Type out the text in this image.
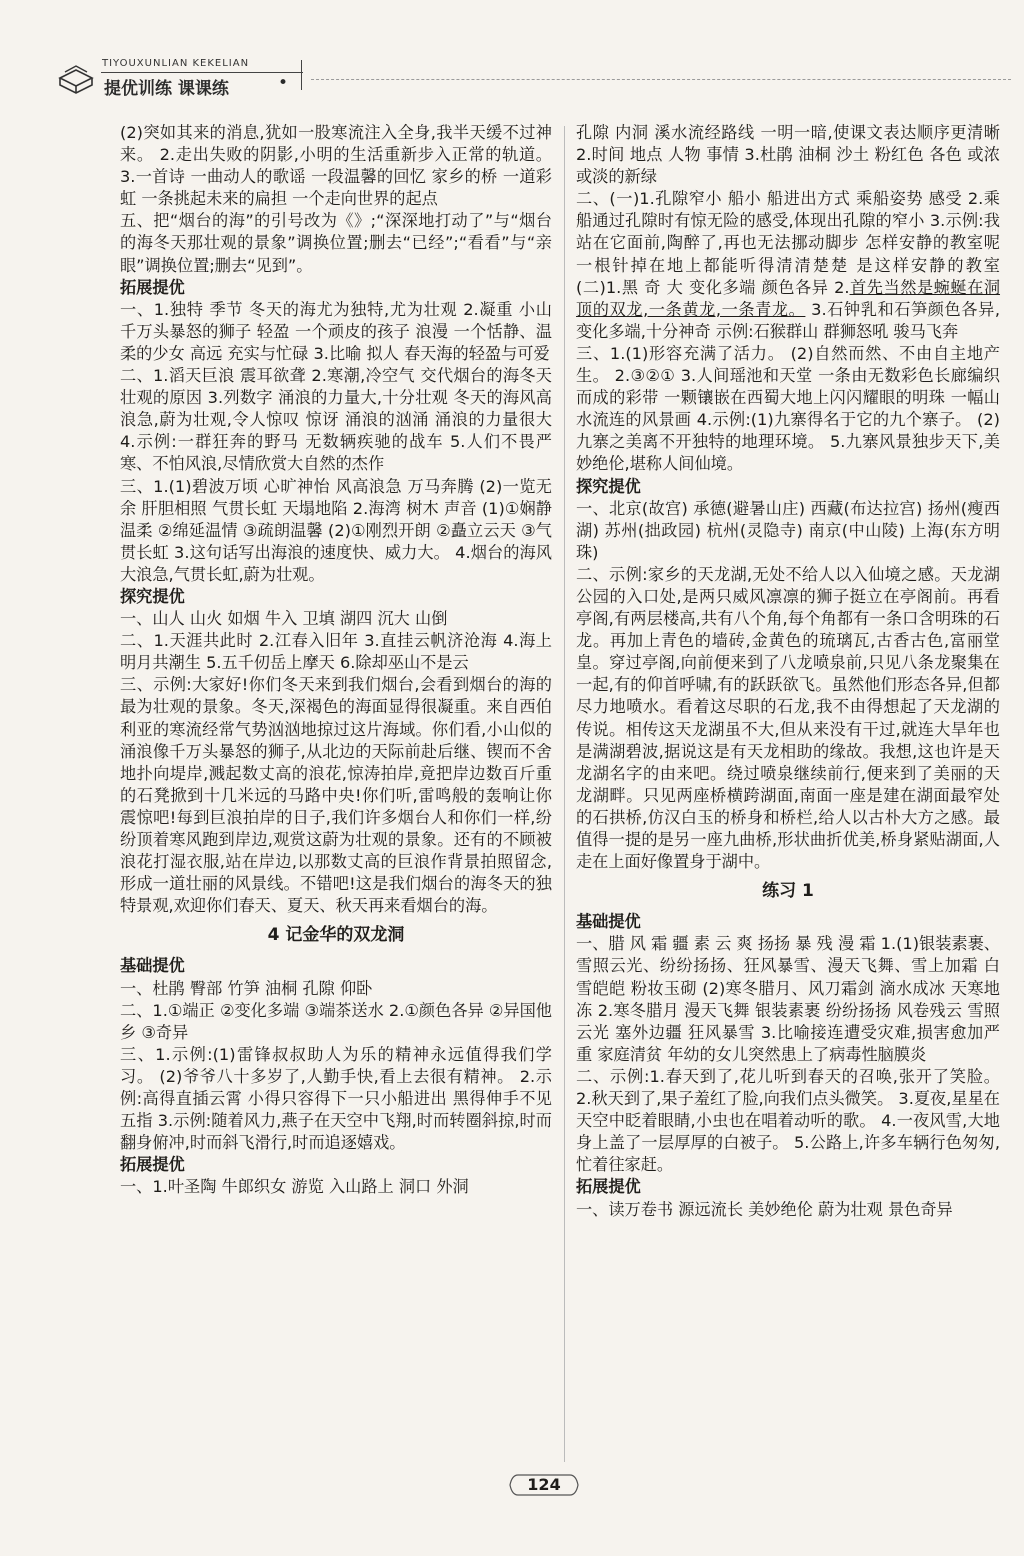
TIYOUXUNLIAN KEKELIAN
提优训练 课课练	•

(2)突如其来的消息,犹如一股寒流注入全身,我半天缓不过神来。 2.走出失败的阴影,小明的生活重新步入正常的轨道。 3.一首诗 一曲动人的歌谣 一段温馨的回忆 家乡的桥 一道彩虹 一条挑起未来的扁担 一个走向世界的起点

五、把“烟台的海”的引号改为《》;“深深地打动了”与“烟台的海冬天那壮观的景象”调换位置;删去“已经”;“看看”与“亲眼”调换位置;删去“见到”。

拓展提优

一、1.独特 季节 冬天的海尤为独特,尤为壮观 2.凝重 小山 千万头暴怒的狮子 轻盈 一个顽皮的孩子 浪漫 一个恬静、温柔的少女 高远 充实与忙碌 3.比喻 拟人 春天海的轻盈与可爱

二、1.滔天巨浪 震耳欲聋 2.寒潮,冷空气 交代烟台的海冬天壮观的原因 3.列数字 涌浪的力量大,十分壮观 冬天的海风高浪急,蔚为壮观,令人惊叹 惊讶 涌浪的汹涌 涌浪的力量很大 4.示例:一群狂奔的野马 无数辆疾驰的战车 5.人们不畏严寒、不怕风浪,尽情欣赏大自然的杰作

三、1.(1)碧波万顷 心旷神怡 风高浪急 万马奔腾 (2)一览无余 肝胆相照 气贯长虹 天塌地陷 2.海湾 树木 声音 (1)①娴静温柔 ②绵延温情 ③疏朗温馨 (2)①刚烈开朗 ②矗立云天 ③气贯长虹 3.这句话写出海浪的速度快、威力大。 4.烟台的海风大浪急,气贯长虹,蔚为壮观。

探究提优

一、山人 山火 如烟 牛入 卫填 湖四 沉大 山倒

二、1.天涯共此时 2.江春入旧年 3.直挂云帆济沧海 4.海上明月共潮生 5.五千仞岳上摩天 6.除却巫山不是云

三、示例:大家好!你们冬天来到我们烟台,会看到烟台的海的最为壮观的景象。冬天,深褐色的海面显得很凝重。来自西伯利亚的寒流经常气势汹汹地掠过这片海域。你们看,小山似的涌浪像千万头暴怒的狮子,从北边的天际前赴后继、锲而不舍地扑向堤岸,溅起数丈高的浪花,惊涛拍岸,竟把岸边数百斤重的石凳掀到十几米远的马路中央!你们听,雷鸣般的轰响让你震惊吧!每到巨浪拍岸的日子,我们许多烟台人和你们一样,纷纷顶着寒风跑到岸边,观赏这蔚为壮观的景象。还有的不顾被浪花打湿衣服,站在岸边,以那数丈高的巨浪作背景拍照留念,形成一道壮丽的风景线。不错吧!这是我们烟台的海冬天的独特景观,欢迎你们春天、夏天、秋天再来看烟台的海。

4 记金华的双龙洞

基础提优

一、杜鹃 臀部 竹笋 油桐 孔隙 仰卧

二、1.①端正 ②变化多端 ③端茶送水 2.①颜色各异 ②异国他乡 ③奇异

三、1.示例:(1)雷锋叔叔助人为乐的精神永远值得我们学习。 (2)爷爷八十多岁了,人勤手快,看上去很有精神。 2.示例:高得直插云霄 小得只容得下一只小船进出 黑得伸手不见五指 3.示例:随着风力,燕子在天空中飞翔,时而转圈斜掠,时而翻身俯冲,时而斜飞滑行,时而追逐嬉戏。

拓展提优

一、1.叶圣陶 牛郎织女 游览 入山路上 洞口 外洞

孔隙 内洞 溪水流经路线 一明一暗,使课文表达顺序更清晰 2.时间 地点 人物 事情 3.杜鹃 油桐 沙土 粉红色 各色 或浓或淡的新绿

二、(一)1.孔隙窄小 船小 船进出方式 乘船姿势 感受 2.乘船通过孔隙时有惊无险的感受,体现出孔隙的窄小 3.示例:我站在它面前,陶醉了,再也无法挪动脚步 怎样安静的教室呢 一根针掉在地上都能听得清清楚楚 是这样安静的教室 (二)1.黑 奇 大 变化多端 颜色各异 2.首先当然是蜿蜒在洞顶的双龙,一条黄龙,一条青龙。 3.石钟乳和石笋颜色各异,变化多端,十分神奇 示例:石猴群山 群狮怒吼 骏马飞奔

三、1.(1)形容充满了活力。 (2)自然而然、不由自主地产生。 2.③②① 3.人间瑶池和天堂 一条由无数彩色长廊编织而成的彩带 一颗镶嵌在西蜀大地上闪闪耀眼的明珠 一幅山水流连的风景画 4.示例:(1)九寨得名于它的九个寨子。 (2)九寨之美离不开独特的地理环境。 5.九寨风景独步天下,美妙绝伦,堪称人间仙境。

探究提优

一、北京(故宫) 承德(避暑山庄) 西藏(布达拉宫) 扬州(瘦西湖) 苏州(拙政园) 杭州(灵隐寺) 南京(中山陵) 上海(东方明珠)

二、示例:家乡的天龙湖,无处不给人以入仙境之感。天龙湖公园的入口处,是两只威风凛凛的狮子挺立在亭阁前。再看亭阁,有两层楼高,共有八个角,每个角都有一条口含明珠的石龙。再加上青色的墙砖,金黄色的琉璃瓦,古香古色,富丽堂皇。穿过亭阁,向前便来到了八龙喷泉前,只见八条龙聚集在一起,有的仰首呼啸,有的跃跃欲飞。虽然他们形态各异,但都尽力地喷水。看着这尽职的石龙,我不由得想起了天龙湖的传说。相传这天龙湖虽不大,但从来没有干过,就连大旱年也是满湖碧波,据说这是有天龙相助的缘故。我想,这也许是天龙湖名字的由来吧。绕过喷泉继续前行,便来到了美丽的天龙湖畔。只见两座桥横跨湖面,南面一座是建在湖面最窄处的石拱桥,仿汉白玉的桥身和桥栏,给人以古朴大方之感。最值得一提的是另一座九曲桥,形状曲折优美,桥身紧贴湖面,人走在上面好像置身于湖中。

练习 1

基础提优

一、腊 风 霜 疆 素 云 爽 扬扬 暴 残 漫 霜 1.(1)银装素裹、雪照云光、纷纷扬扬、狂风暴雪、漫天飞舞、雪上加霜 白雪皑皑 粉妆玉砌 (2)寒冬腊月、风刀霜剑 滴水成冰 天寒地冻 2.寒冬腊月 漫天飞舞 银装素裹 纷纷扬扬 风卷残云 雪照云光 塞外边疆 狂风暴雪 3.比喻接连遭受灾难,损害愈加严重 家庭清贫 年幼的女儿突然患上了病毒性脑膜炎

二、示例:1.春天到了,花儿听到春天的召唤,张开了笑脸。 2.秋天到了,果子羞红了脸,向我们点头微笑。 3.夏夜,星星在天空中眨着眼睛,小虫也在唱着动听的歌。 4.一夜风雪,大地身上盖了一层厚厚的白被子。 5.公路上,许多车辆行色匆匆,忙着往家赶。

拓展提优

一、读万卷书 源远流长 美妙绝伦 蔚为壮观 景色奇异

124
